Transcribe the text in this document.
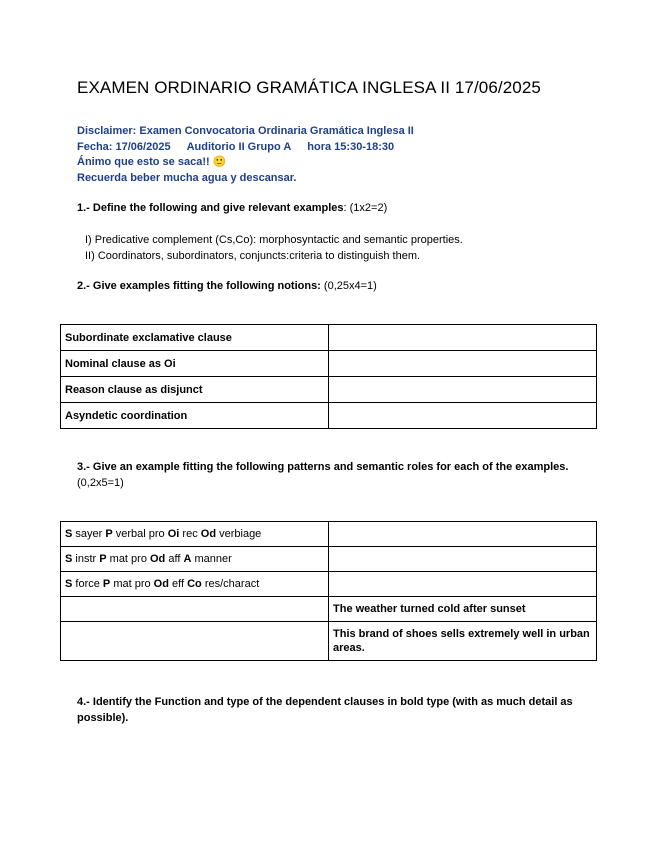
EXAMEN ORDINARIO GRAMÁTICA INGLESA II 17/06/2025
Disclaimer: Examen Convocatoria Ordinaria Gramática Inglesa II
Fecha: 17/06/2025 Auditorio II Grupo A hora 15:30-18:30
Ánimo que esto se saca!! 🙂
Recuerda beber mucha agua y descansar.
1.- Define the following and give relevant examples: (1x2=2)
I) Predicative complement (Cs,Co): morphosyntactic and semantic properties.
II) Coordinators, subordinators, conjuncts:criteria to distinguish them.
2.- Give examples fitting the following notions: (0,25x4=1)
Subordinate exclamative clause	
Nominal clause as Oi	
Reason clause as disjunct	
Asyndetic coordination	
3.- Give an example fitting the following patterns and semantic roles for each of the examples. (0,2x5=1)
S sayer P verbal pro Oi rec Od verbiage	
S instr P mat pro Od aff A manner	
S force P mat pro Od eff Co res/charact	
	The weather turned cold after sunset
	This brand of shoes sells extremely well in urban areas.
4.- Identify the Function and type of the dependent clauses in bold type (with as much detail as possible).
